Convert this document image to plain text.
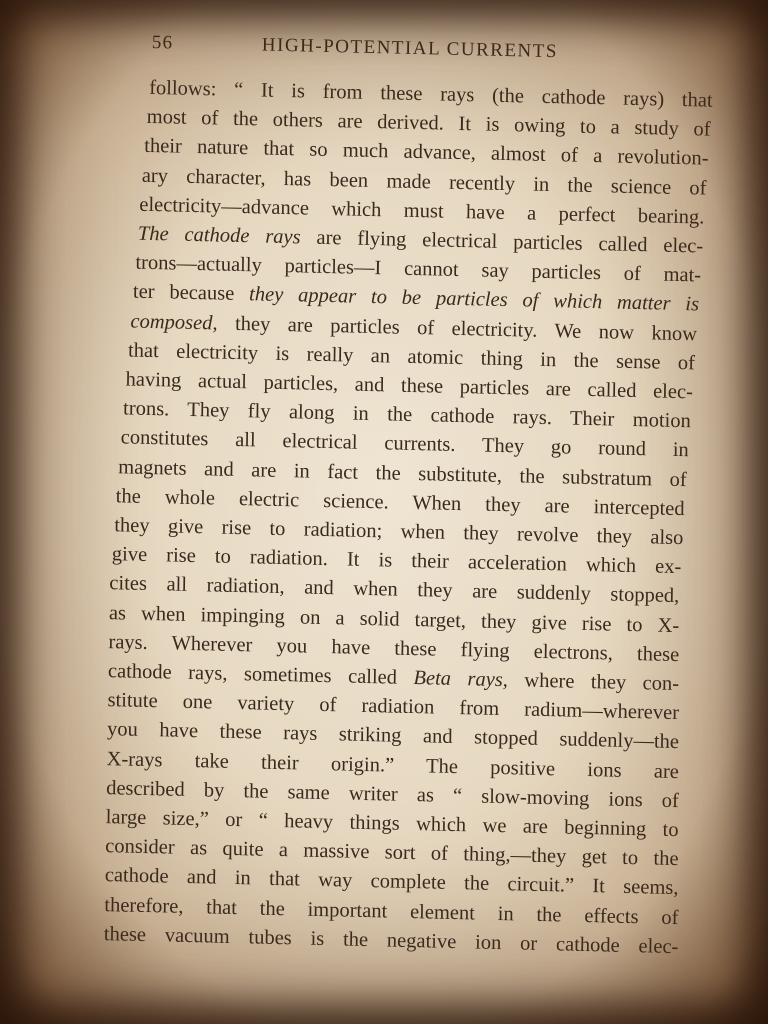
56	HIGH-POTENTIAL CURRENTS
follows: “ It is from these rays (the cathode rays) that
most of the others are derived. It is owing to a study of
their nature that so much advance, almost of a revolution-
ary character, has been made recently in the science of
electricity—advance which must have a perfect bearing.
The cathode rays are flying electrical particles called elec-
trons—actually particles—I cannot say particles of mat-
ter because they appear to be particles of which matter is
composed, they are particles of electricity. We now know
that electricity is really an atomic thing in the sense of
having actual particles, and these particles are called elec-
trons. They fly along in the cathode rays. Their motion
constitutes all electrical currents. They go round in
magnets and are in fact the substitute, the substratum of
the whole electric science. When they are intercepted
they give rise to radiation; when they revolve they also
give rise to radiation. It is their acceleration which ex-
cites all radiation, and when they are suddenly stopped,
as when impinging on a solid target, they give rise to X-
rays. Wherever you have these flying electrons, these
cathode rays, sometimes called Beta rays, where they con-
stitute one variety of radiation from radium—wherever
you have these rays striking and stopped suddenly—the
X-rays take their origin.” The positive ions are
described by the same writer as “ slow-moving ions of
large size,” or “ heavy things which we are beginning to
consider as quite a massive sort of thing,—they get to the
cathode and in that way complete the circuit.” It seems,
therefore, that the important element in the effects of
these vacuum tubes is the negative ion or cathode elec-
